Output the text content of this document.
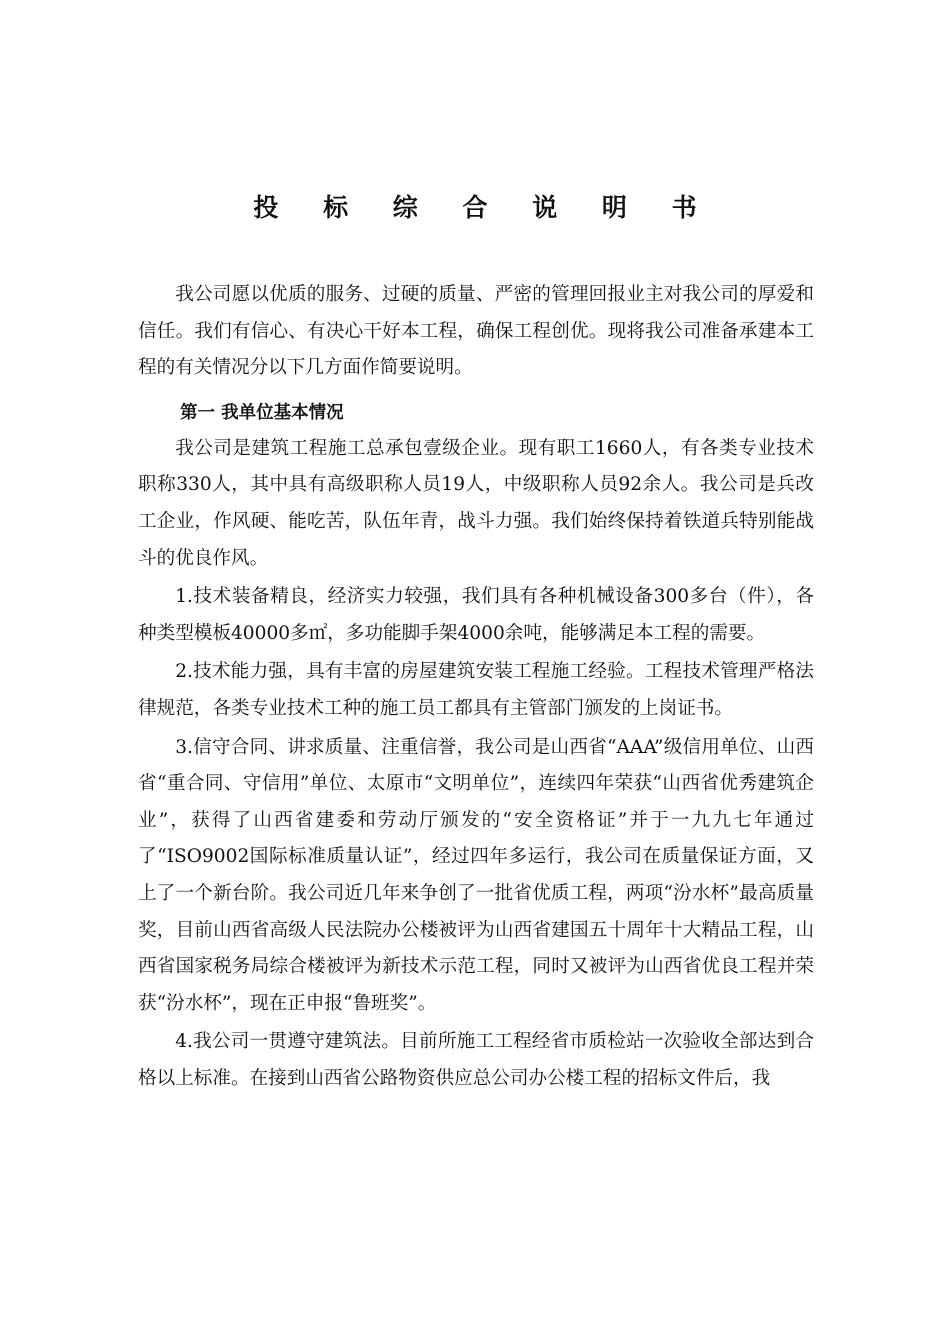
投 标 综 合 说 明 书

我公司愿以优质的服务、过硬的质量、严密的管理回报业主对我公司的厚爱和信任。我们有信心、有决心干好本工程，确保工程创优。现将我公司准备承建本工程的有关情况分以下几方面作简要说明。

第一 我单位基本情况

我公司是建筑工程施工总承包壹级企业。现有职工1660人，有各类专业技术职称330人，其中具有高级职称人员19人，中级职称人员92余人。我公司是兵改工企业，作风硬、能吃苦，队伍年青，战斗力强。我们始终保持着铁道兵特别能战斗的优良作风。

1.技术装备精良，经济实力较强，我们具有各种机械设备300多台（件），各种类型模板40000多㎡，多功能脚手架4000余吨，能够满足本工程的需要。

2.技术能力强，具有丰富的房屋建筑安装工程施工经验。工程技术管理严格法律规范，各类专业技术工种的施工员工都具有主管部门颁发的上岗证书。

3.信守合同、讲求质量、注重信誉，我公司是山西省“AAA”级信用单位、山西省“重合同、守信用”单位、太原市“文明单位”，连续四年荣获“山西省优秀建筑企业”，获得了山西省建委和劳动厅颁发的“安全资格证”并于一九九七年通过了“ISO9002国际标准质量认证”，经过四年多运行，我公司在质量保证方面，又上了一个新台阶。我公司近几年来争创了一批省优质工程，两项“汾水杯”最高质量奖，目前山西省高级人民法院办公楼被评为山西省建国五十周年十大精品工程，山西省国家税务局综合楼被评为新技术示范工程，同时又被评为山西省优良工程并荣获“汾水杯”，现在正申报“鲁班奖”。

4.我公司一贯遵守建筑法。目前所施工工程经省市质检站一次验收全部达到合格以上标准。在接到山西省公路物资供应总公司办公楼工程的招标文件后，我
